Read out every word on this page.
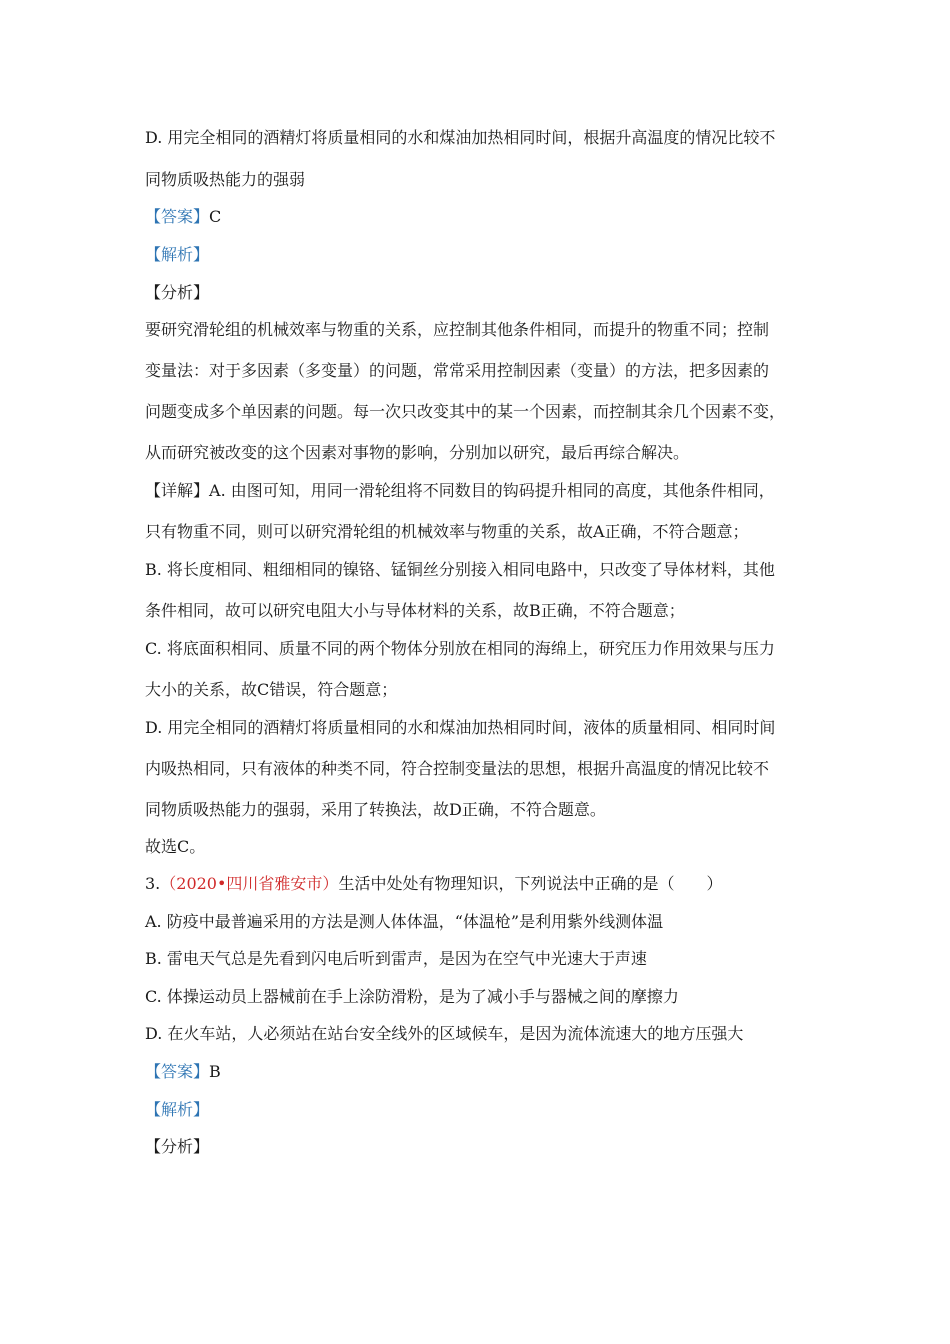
D. 用完全相同的酒精灯将质量相同的水和煤油加热相同时间，根据升高温度的情况比较不
同物质吸热能力的强弱
【答案】C
【解析】
【分析】
要研究滑轮组的机械效率与物重的关系，应控制其他条件相同，而提升的物重不同；控制
变量法：对于多因素（多变量）的问题，常常采用控制因素（变量）的方法，把多因素的
问题变成多个单因素的问题。每一次只改变其中的某一个因素，而控制其余几个因素不变，
从而研究被改变的这个因素对事物的影响，分别加以研究，最后再综合解决。
【详解】A. 由图可知，用同一滑轮组将不同数目的钩码提升相同的高度，其他条件相同，
只有物重不同，则可以研究滑轮组的机械效率与物重的关系，故A正确，不符合题意；
B. 将长度相同、粗细相同的镍铬、锰铜丝分别接入相同电路中，只改变了导体材料，其他
条件相同，故可以研究电阻大小与导体材料的关系，故B正确，不符合题意；
C. 将底面积相同、质量不同的两个物体分别放在相同的海绵上，研究压力作用效果与压力
大小的关系，故C错误，符合题意；
D. 用完全相同的酒精灯将质量相同的水和煤油加热相同时间，液体的质量相同、相同时间
内吸热相同，只有液体的种类不同，符合控制变量法的思想，根据升高温度的情况比较不
同物质吸热能力的强弱，采用了转换法，故D正确，不符合题意。
故选C。
3.（2020•四川省雅安市）生活中处处有物理知识，下列说法中正确的是（　　）
A. 防疫中最普遍采用的方法是测人体体温，“体温枪”是利用紫外线测体温
B. 雷电天气总是先看到闪电后听到雷声，是因为在空气中光速大于声速
C. 体操运动员上器械前在手上涂防滑粉，是为了减小手与器械之间的摩擦力
D. 在火车站，人必须站在站台安全线外的区域候车，是因为流体流速大的地方压强大
【答案】B
【解析】
【分析】
